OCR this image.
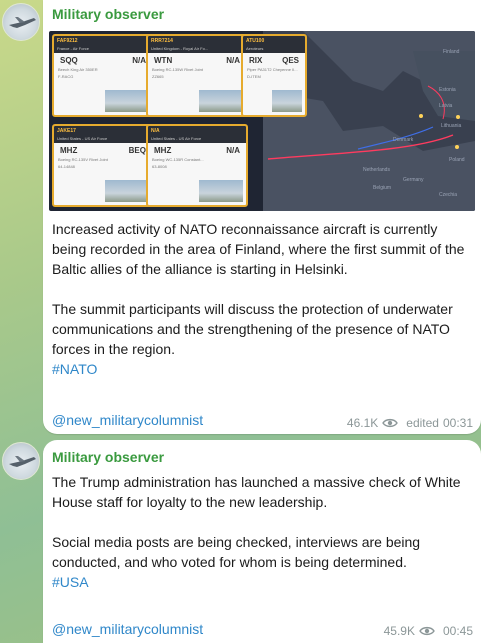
Military observer
Netherlands
Germany
Denmark
Poland
Estonia
Latvia
Finland
Lithuania
Belgium
Czechia
FAF9212
France - Air Force
SQQ	N/A
Beech King Air 350ER
F-RACG
RRR7214
United Kingdom - Royal Air Fo...
WTN	N/A
Boeing RC-135W Rivet Joint
ZZ665
ATU100
Aeroteurs
RIX QES
Piper PA31T2 Cheyenne II...
D-ITEM
JAKE17
United States - US Air Force
MHZ	BEQ
Boeing RC-135V Rivet Joint
64-14848
N/A
United States - US Air Force
MHZ	N/A
Boeing WC-135R Constant...
63-8008
Increased activity of NATO reconnaissance aircraft is currently being recorded in the area of Finland, where the first summit of the Baltic allies of the alliance is starting in Helsinki.
The summit participants will discuss the protection of underwater communications and the strengthening of the presence of NATO forces in the region.
#NATO
@new_militarycolumnist	46.1K edited 00:31
Military observer
The Trump administration has launched a massive check of White House staff for loyalty to the new leadership.
Social media posts are being checked, interviews are being conducted, and who voted for whom is being determined.
#USA
@new_militarycolumnist	45.9K 00:45
